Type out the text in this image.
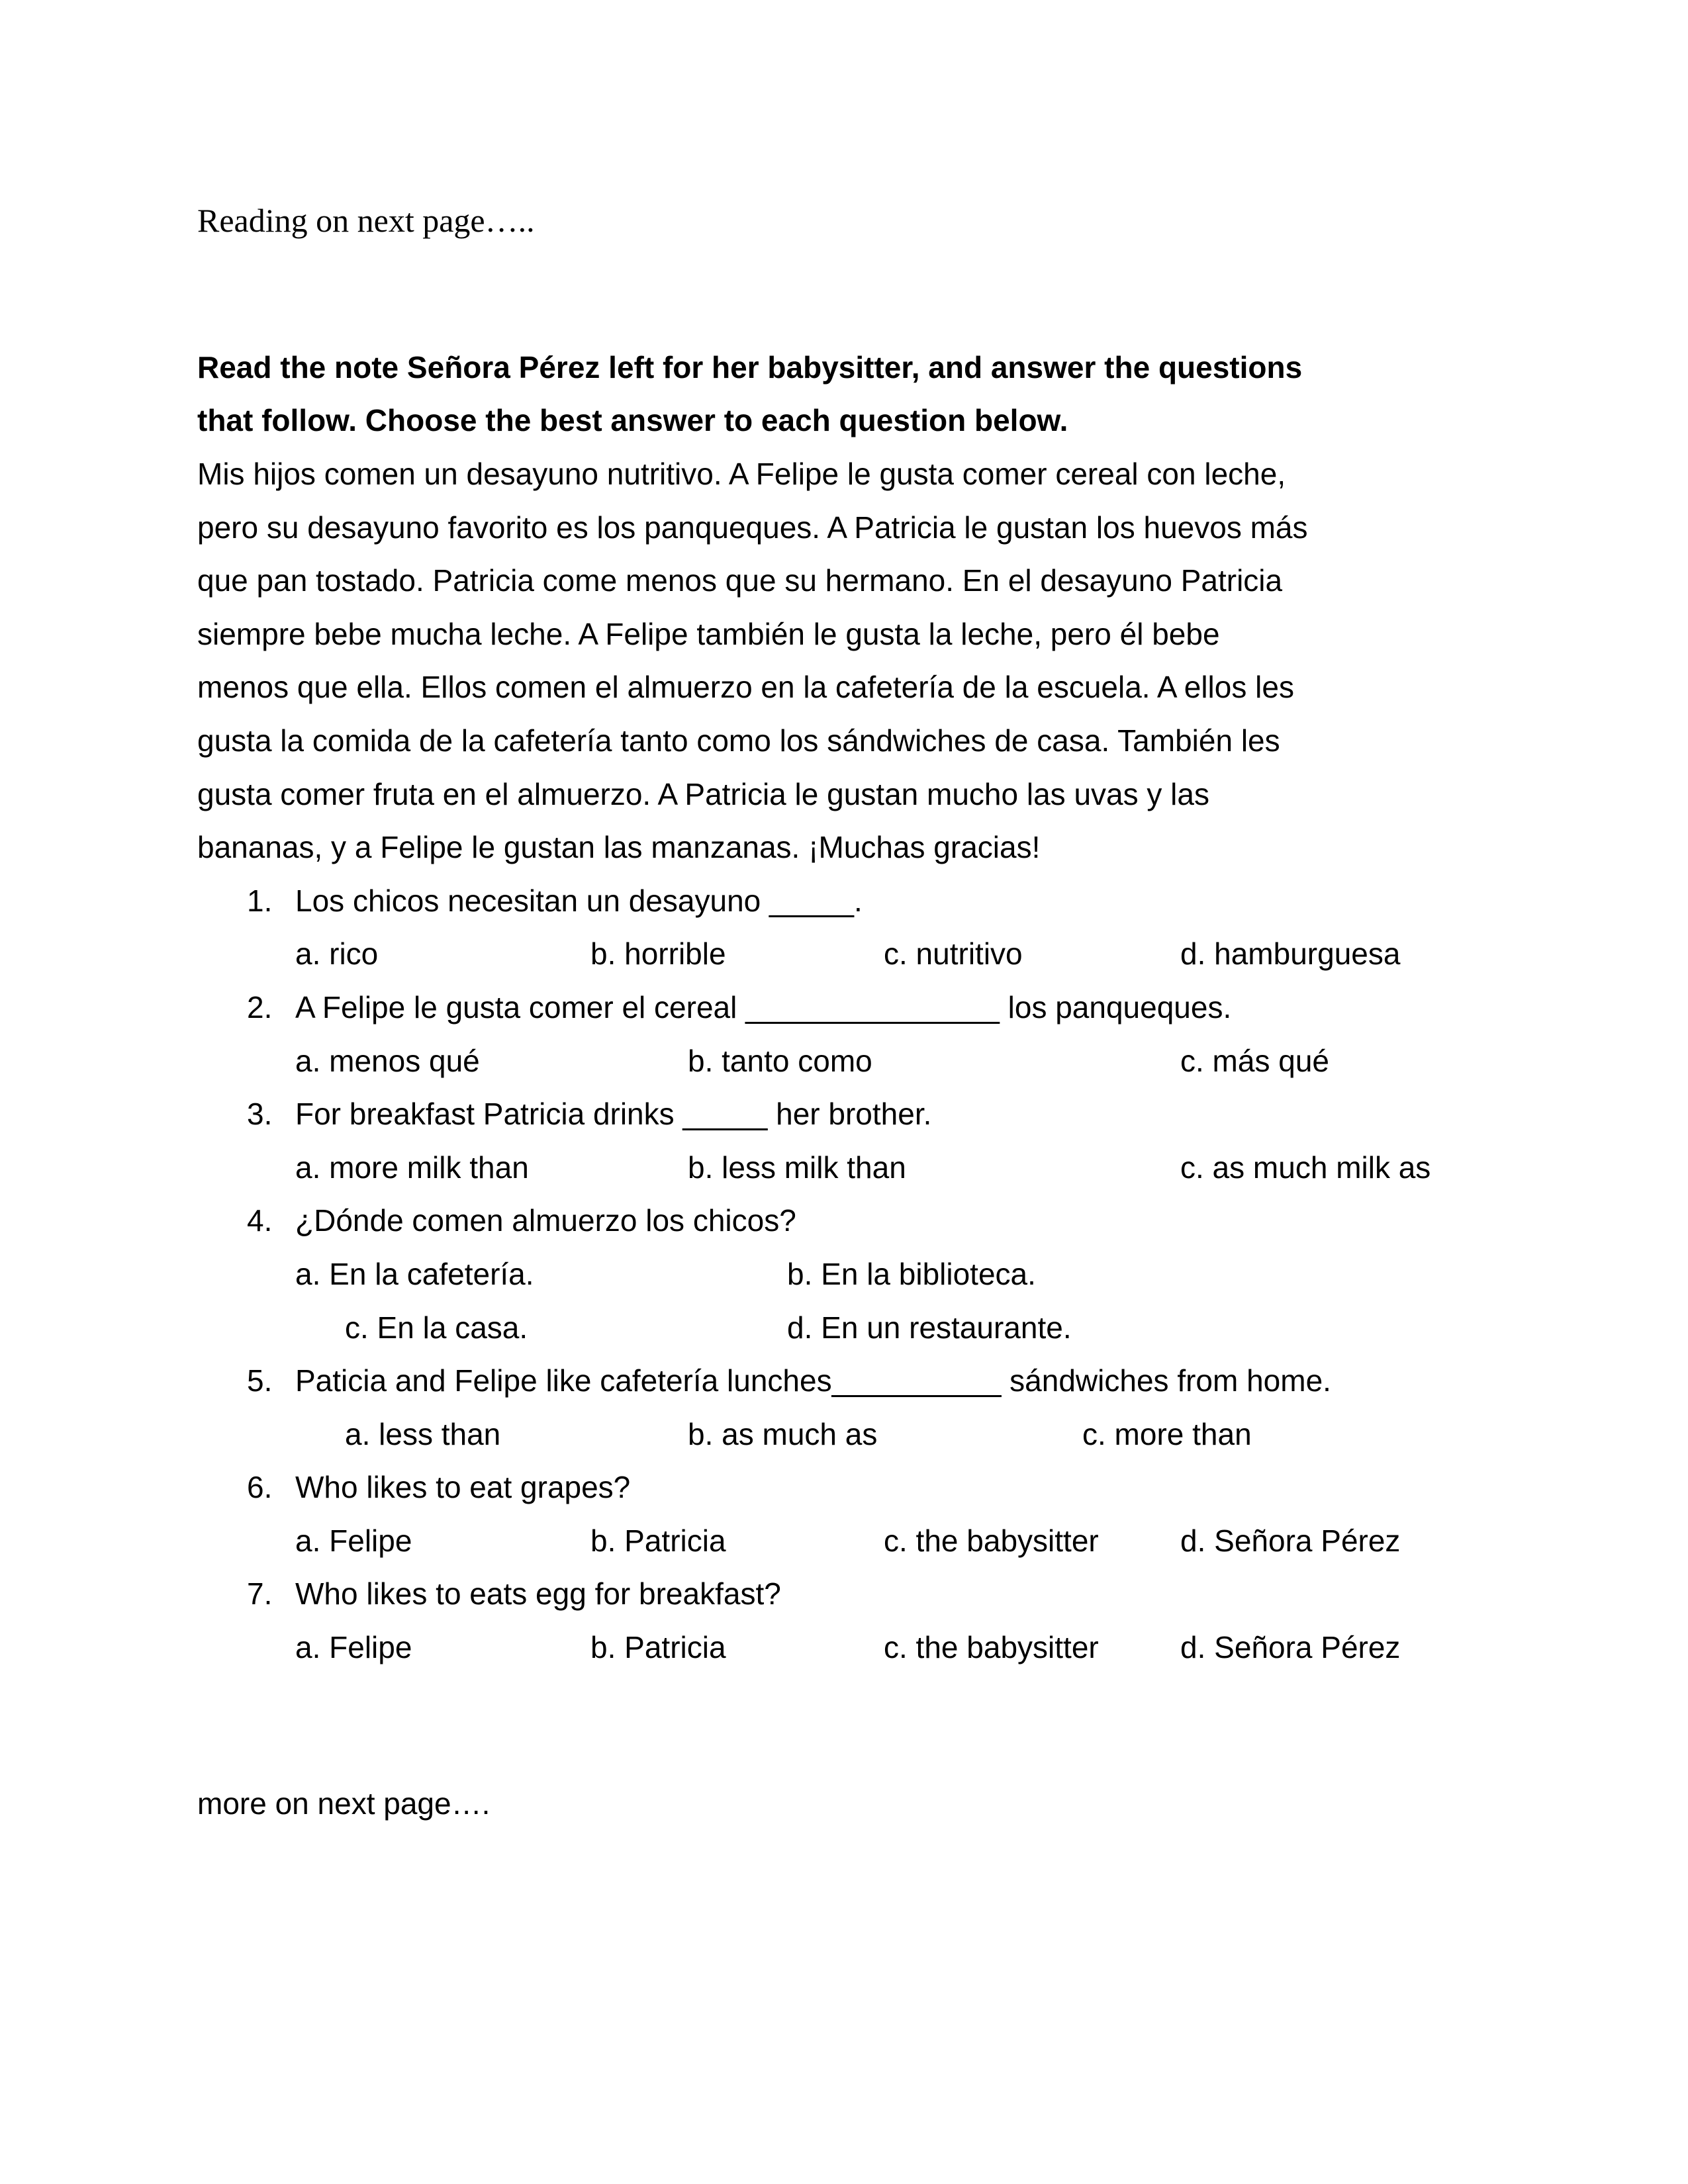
Reading on next page…..
Read the note Señora Pérez left for her babysitter, and answer the questions
that follow. Choose the best answer to each question below.
Mis hijos comen un desayuno nutritivo. A Felipe le gusta comer cereal con leche,
pero su desayuno favorito es los panqueques. A Patricia le gustan los huevos más
que pan tostado. Patricia come menos que su hermano. En el desayuno Patricia
siempre bebe mucha leche. A Felipe también le gusta la leche, pero él bebe
menos que ella. Ellos comen el almuerzo en la cafetería de la escuela. A ellos les
gusta la comida de la cafetería tanto como los sándwiches de casa. También les
gusta comer fruta en el almuerzo. A Patricia le gustan mucho las uvas y las
bananas, y a Felipe le gustan las manzanas. ¡Muchas gracias!
1. Los chicos necesitan un desayuno _____.
a. rico	b. horrible	c. nutritivo	d. hamburguesa
2. A Felipe le gusta comer el cereal _______________ los panqueques.
a. menos qué	b. tanto como	c. más qué
3. For breakfast Patricia drinks _____ her brother.
a. more milk than	b. less milk than	c. as much milk as
4. ¿Dónde comen almuerzo los chicos?
a. En la cafetería.	b. En la biblioteca.
c. En la casa.	d. En un restaurante.
5. Paticia and Felipe like cafetería lunches__________ sándwiches from home.
a. less than	b. as much as	c. more than
6. Who likes to eat grapes?
a. Felipe	b. Patricia	c. the babysitter	d. Señora Pérez
7. Who likes to eats egg for breakfast?
a. Felipe	b. Patricia	c. the babysitter	d. Señora Pérez
more on next page….
